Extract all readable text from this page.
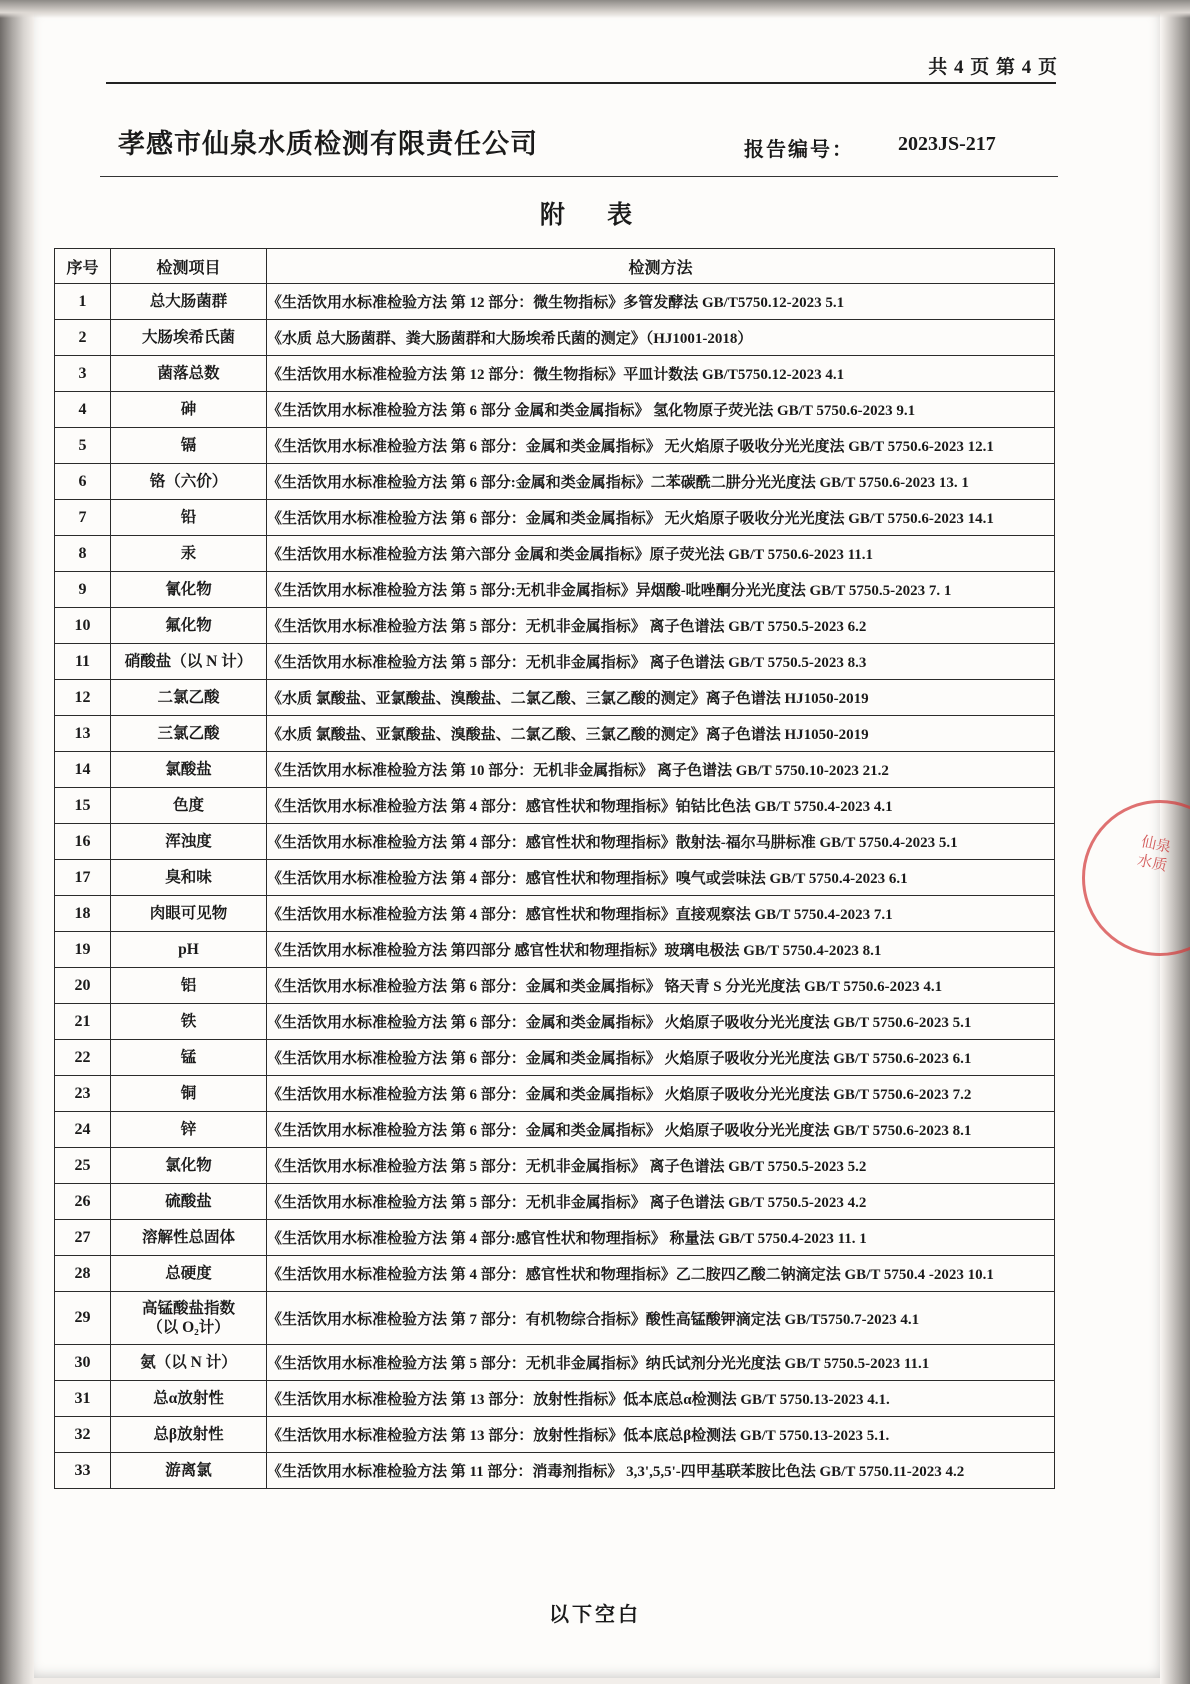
共 4 页 第 4 页
孝感市仙泉水质检测有限责任公司	报告编号： 2023JS-217
附 表
序号	检测项目	检测方法
1	总大肠菌群	《生活饮用水标准检验方法 第 12 部分：微生物指标》多管发酵法 GB/T5750.12-2023 5.1
2	大肠埃希氏菌	《水质 总大肠菌群、粪大肠菌群和大肠埃希氏菌的测定》（HJ1001-2018）
3	菌落总数	《生活饮用水标准检验方法 第 12 部分：微生物指标》平皿计数法 GB/T5750.12-2023 4.1
4	砷	《生活饮用水标准检验方法 第 6 部分 金属和类金属指标》 氢化物原子荧光法 GB/T 5750.6-2023 9.1
5	镉	《生活饮用水标准检验方法 第 6 部分：金属和类金属指标》 无火焰原子吸收分光光度法 GB/T 5750.6-2023 12.1
6	铬（六价）	《生活饮用水标准检验方法 第 6 部分:金属和类金属指标》二苯碳酰二肼分光光度法 GB/T 5750.6-2023 13. 1
7	铅	《生活饮用水标准检验方法 第 6 部分：金属和类金属指标》 无火焰原子吸收分光光度法 GB/T 5750.6-2023 14.1
8	汞	《生活饮用水标准检验方法 第六部分 金属和类金属指标》原子荧光法 GB/T 5750.6-2023 11.1
9	氰化物	《生活饮用水标准检验方法 第 5 部分:无机非金属指标》异烟酸-吡唑酮分光光度法 GB/T 5750.5-2023 7. 1
10	氟化物	《生活饮用水标准检验方法 第 5 部分：无机非金属指标》 离子色谱法 GB/T 5750.5-2023 6.2
11	硝酸盐（以 N 计）	《生活饮用水标准检验方法 第 5 部分：无机非金属指标》 离子色谱法 GB/T 5750.5-2023 8.3
12	二氯乙酸	《水质 氯酸盐、亚氯酸盐、溴酸盐、二氯乙酸、三氯乙酸的测定》离子色谱法 HJ1050-2019
13	三氯乙酸	《水质 氯酸盐、亚氯酸盐、溴酸盐、二氯乙酸、三氯乙酸的测定》离子色谱法 HJ1050-2019
14	氯酸盐	《生活饮用水标准检验方法 第 10 部分：无机非金属指标》 离子色谱法 GB/T 5750.10-2023 21.2
15	色度	《生活饮用水标准检验方法 第 4 部分：感官性状和物理指标》铂钴比色法 GB/T 5750.4-2023 4.1
16	浑浊度	《生活饮用水标准检验方法 第 4 部分：感官性状和物理指标》散射法-福尔马肼标准 GB/T 5750.4-2023 5.1
17	臭和味	《生活饮用水标准检验方法 第 4 部分：感官性状和物理指标》嗅气或尝味法 GB/T 5750.4-2023 6.1
18	肉眼可见物	《生活饮用水标准检验方法 第 4 部分：感官性状和物理指标》直接观察法 GB/T 5750.4-2023 7.1
19	pH	《生活饮用水标准检验方法 第四部分 感官性状和物理指标》玻璃电极法 GB/T 5750.4-2023 8.1
20	铝	《生活饮用水标准检验方法 第 6 部分：金属和类金属指标》 铬天青 S 分光光度法 GB/T 5750.6-2023 4.1
21	铁	《生活饮用水标准检验方法 第 6 部分：金属和类金属指标》 火焰原子吸收分光光度法 GB/T 5750.6-2023 5.1
22	锰	《生活饮用水标准检验方法 第 6 部分：金属和类金属指标》 火焰原子吸收分光光度法 GB/T 5750.6-2023 6.1
23	铜	《生活饮用水标准检验方法 第 6 部分：金属和类金属指标》 火焰原子吸收分光光度法 GB/T 5750.6-2023 7.2
24	锌	《生活饮用水标准检验方法 第 6 部分：金属和类金属指标》 火焰原子吸收分光光度法 GB/T 5750.6-2023 8.1
25	氯化物	《生活饮用水标准检验方法 第 5 部分：无机非金属指标》 离子色谱法 GB/T 5750.5-2023 5.2
26	硫酸盐	《生活饮用水标准检验方法 第 5 部分：无机非金属指标》 离子色谱法 GB/T 5750.5-2023 4.2
27	溶解性总固体	《生活饮用水标准检验方法 第 4 部分:感官性状和物理指标》 称量法 GB/T 5750.4-2023 11. 1
28	总硬度	《生活饮用水标准检验方法 第 4 部分：感官性状和物理指标》乙二胺四乙酸二钠滴定法 GB/T 5750.4 -2023 10.1
29	高锰酸盐指数
（以 O₂计）	《生活饮用水标准检验方法 第 7 部分：有机物综合指标》酸性高锰酸钾滴定法 GB/T5750.7-2023 4.1
30	氨（以 N 计）	《生活饮用水标准检验方法 第 5 部分：无机非金属指标》纳氏试剂分光光度法 GB/T 5750.5-2023 11.1
31	总α放射性	《生活饮用水标准检验方法 第 13 部分：放射性指标》低本底总α检测法 GB/T 5750.13-2023 4.1.
32	总β放射性	《生活饮用水标准检验方法 第 13 部分：放射性指标》低本底总β检测法 GB/T 5750.13-2023 5.1.
33	游离氯	《生活饮用水标准检验方法 第 11 部分：消毒剂指标》 3,3',5,5'-四甲基联苯胺比色法 GB/T 5750.11-2023 4.2
以下空白
仙泉水质
